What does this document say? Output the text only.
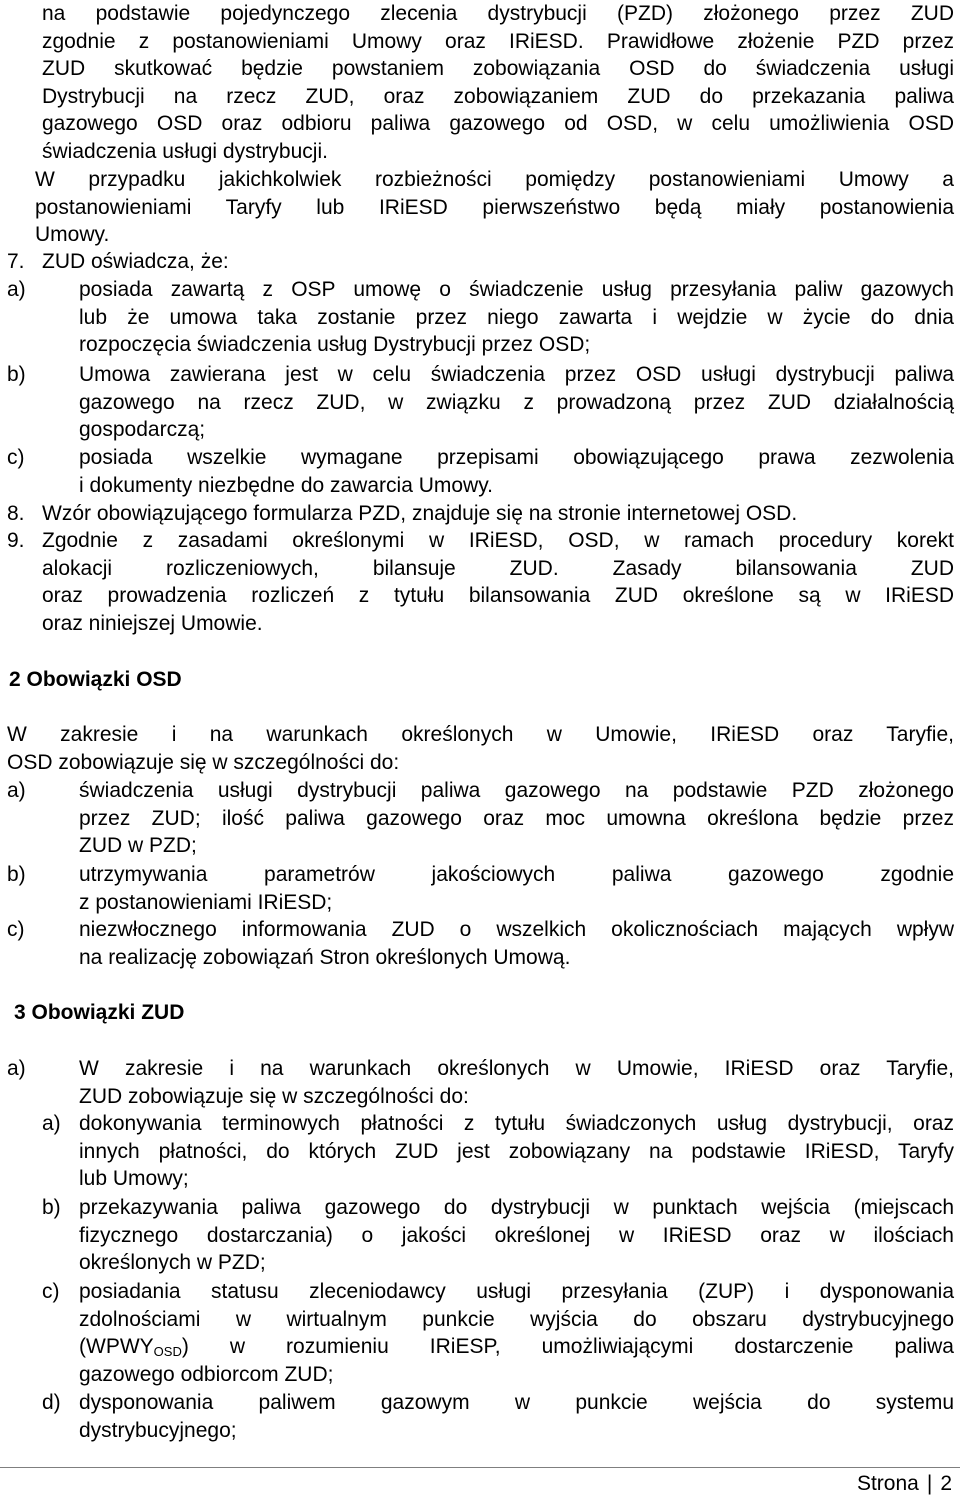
na podstawie pojedynczego zlecenia dystrybucji (PZD) złożonego przez ZUD
zgodnie z postanowieniami Umowy oraz IRiESD. Prawidłowe złożenie PZD przez
ZUD skutkować będzie powstaniem zobowiązania OSD do świadczenia usługi
Dystrybucji na rzecz ZUD, oraz zobowiązaniem ZUD do przekazania paliwa
gazowego OSD oraz odbioru paliwa gazowego od OSD, w celu umożliwienia OSD
świadczenia usługi dystrybucji.
W przypadku jakichkolwiek rozbieżności pomiędzy postanowieniami Umowy a
postanowieniami Taryfy lub IRiESD pierwszeństwo będą miały postanowienia
Umowy.
7. ZUD oświadcza, że:
a)	posiada zawartą z OSP umowę o świadczenie usług przesyłania paliw gazowych
lub że umowa taka zostanie przez niego zawarta i wejdzie w życie do dnia
rozpoczęcia świadczenia usług Dystrybucji przez OSD;
b)	Umowa zawierana jest w celu świadczenia przez OSD usługi dystrybucji paliwa
gazowego na rzecz ZUD, w związku z prowadzoną przez ZUD działalnością
gospodarczą;
c)	posiada wszelkie wymagane przepisami obowiązującego prawa zezwolenia
i dokumenty niezbędne do zawarcia Umowy.
8. Wzór obowiązującego formularza PZD, znajduje się na stronie internetowej OSD.
9. Zgodnie z zasadami określonymi w IRiESD, OSD, w ramach procedury korekt
alokacji rozliczeniowych, bilansuje ZUD. Zasady bilansowania ZUD
oraz prowadzenia rozliczeń z tytułu bilansowania ZUD określone są w IRiESD
oraz niniejszej Umowie.
2 Obowiązki OSD
W zakresie i na warunkach określonych w Umowie, IRiESD oraz Taryfie,
OSD zobowiązuje się w szczególności do:
a)	świadczenia usługi dystrybucji paliwa gazowego na podstawie PZD złożonego
przez ZUD; ilość paliwa gazowego oraz moc umowna określona będzie przez
ZUD w PZD;
b)	utrzymywania parametrów jakościowych paliwa gazowego zgodnie
z postanowieniami IRiESD;
c)	niezwłocznego informowania ZUD o wszelkich okolicznościach mających wpływ
na realizację zobowiązań Stron określonych Umową.
3 Obowiązki ZUD
a)	W zakresie i na warunkach określonych w Umowie, IRiESD oraz Taryfie,
ZUD zobowiązuje się w szczególności do:
a) dokonywania terminowych płatności z tytułu świadczonych usług dystrybucji, oraz
innych płatności, do których ZUD jest zobowiązany na podstawie IRiESD, Taryfy
lub Umowy;
b) przekazywania paliwa gazowego do dystrybucji w punktach wejścia (miejscach
fizycznego dostarczania) o jakości określonej w IRiESD oraz w ilościach
określonych w PZD;
c) posiadania statusu zleceniodawcy usługi przesyłania (ZUP) i dysponowania
zdolnościami w wirtualnym punkcie wyjścia do obszaru dystrybucyjnego
$(WPWY_{OSD})$ w rozumieniu IRiESP, umożliwiającymi dostarczenie paliwa
gazowego odbiorcom ZUD;
d) dysponowania paliwem gazowym w punkcie wejścia do systemu
dystrybucyjnego;
Strona | 2
